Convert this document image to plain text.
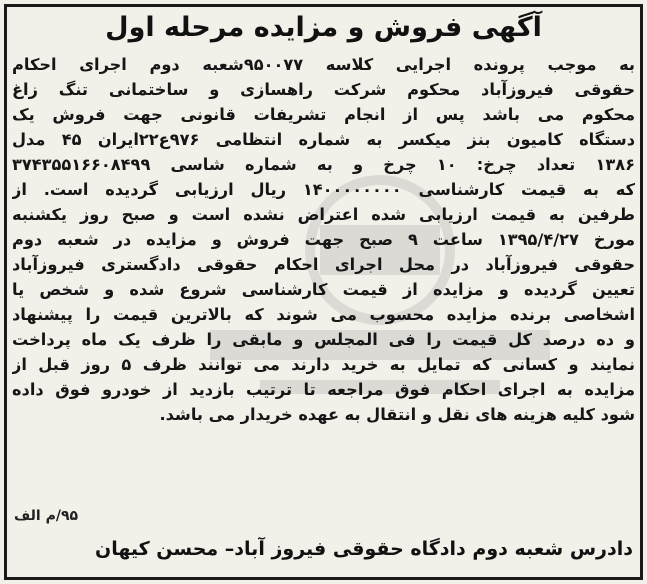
آگهی فروش و مزایده مرحله اول
به موجب پرونده اجرایی کلاسه ۹۵۰۰۷۷شعبه دوم اجرای احکام
حقوقی فیروزآباد محکوم شرکت راهسازی و ساختمانی تنگ زاغ
محکوم می باشد پس از انجام تشریفات قانونی جهت فروش یک
دستگاه کامیون بنز میکسر به شماره انتظامی ۹۷۶ع۲۲ایران ۴۵ مدل
۱۳۸۶ تعداد چرخ: ۱۰ چرخ و به شماره شاسی ۳۷۴۳۵۵۱۶۶۰۸۴۹۹
که به قیمت کارشناسی ۱۴۰۰۰۰۰۰۰۰ ریال ارزیابی گردیده است. از
طرفین به قیمت ارزیابی شده اعتراض نشده است و صبح روز یکشنبه
مورخ ۱۳۹۵/۴/۲۷ ساعت ۹ صبح جهت فروش و مزایده در شعبه دوم
حقوقی فیروزآباد در محل اجرای احکام حقوقی دادگستری فیروزآباد
تعیین گردیده و مزایده از قیمت کارشناسی شروع شده و شخص یا
اشخاصی برنده مزایده محسوب می شوند که بالاترین قیمت را پیشنهاد
و ده درصد کل قیمت را فی المجلس و مابقی را ظرف یک ماه پرداخت
نمایند و کسانی که تمایل به خرید دارند می توانند ظرف ۵ روز قبل از
مزایده به اجرای احکام فوق مراجعه تا ترتیب بازدید از خودرو فوق داده
شود کلیه هزینه های نقل و انتقال به عهده خریدار می باشد.
۹۵/م الف
دادرس شعبه دوم دادگاه حقوقی فیروز آباد– محسن کیهان
